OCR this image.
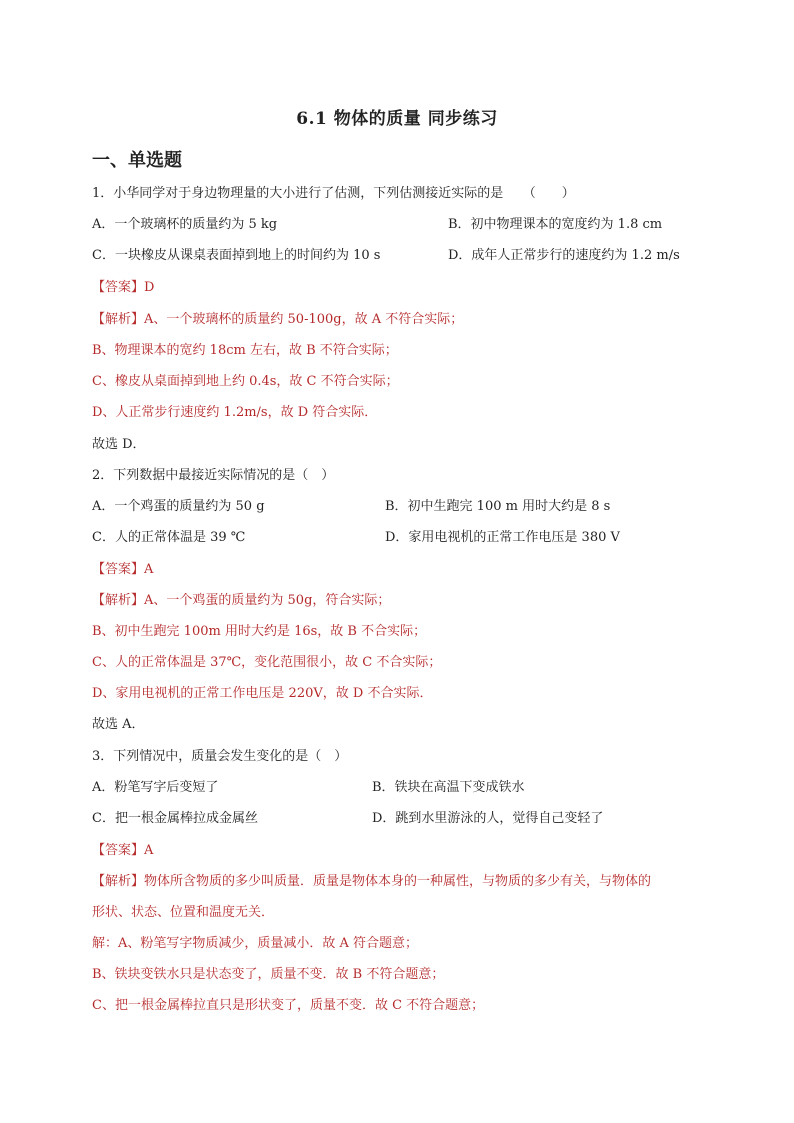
6.1 物体的质量 同步练习
一、单选题
1．小华同学对于身边物理量的大小进行了估测，下列估测接近实际的是　　（　　）
A．一个玻璃杯的质量约为 5 kg	B．初中物理课本的宽度约为 1.8 cm
C．一块橡皮从课桌表面掉到地上的时间约为 10 s	D．成年人正常步行的速度约为 1.2 m/s
【答案】D
【解析】A、一个玻璃杯的质量约 50-100g，故 A 不符合实际；
B、物理课本的宽约 18cm 左右，故 B 不符合实际；
C、橡皮从桌面掉到地上约 0.4s，故 C 不符合实际；
D、人正常步行速度约 1.2m/s，故 D 符合实际．
故选 D．
2．下列数据中最接近实际情况的是（　）
A．一个鸡蛋的质量约为 50 g	B．初中生跑完 100 m 用时大约是 8 s
C．人的正常体温是 39 ℃	D．家用电视机的正常工作电压是 380 V
【答案】A
【解析】A、一个鸡蛋的质量约为 50g，符合实际；
B、初中生跑完 100m 用时大约是 16s，故 B 不合实际；
C、人的正常体温是 37℃，变化范围很小，故 C 不合实际；
D、家用电视机的正常工作电压是 220V，故 D 不合实际．
故选 A．
3．下列情况中，质量会发生变化的是（　）
A．粉笔写字后变短了	B．铁块在高温下变成铁水
C．把一根金属棒拉成金属丝	D．跳到水里游泳的人，觉得自己变轻了
【答案】A
【解析】物体所含物质的多少叫质量．质量是物体本身的一种属性，与物质的多少有关，与物体的
形状、状态、位置和温度无关．
解：A、粉笔写字物质减少，质量减小．故 A 符合题意；
B、铁块变铁水只是状态变了，质量不变．故 B 不符合题意；
C、把一根金属棒拉直只是形状变了，质量不变．故 C 不符合题意；
